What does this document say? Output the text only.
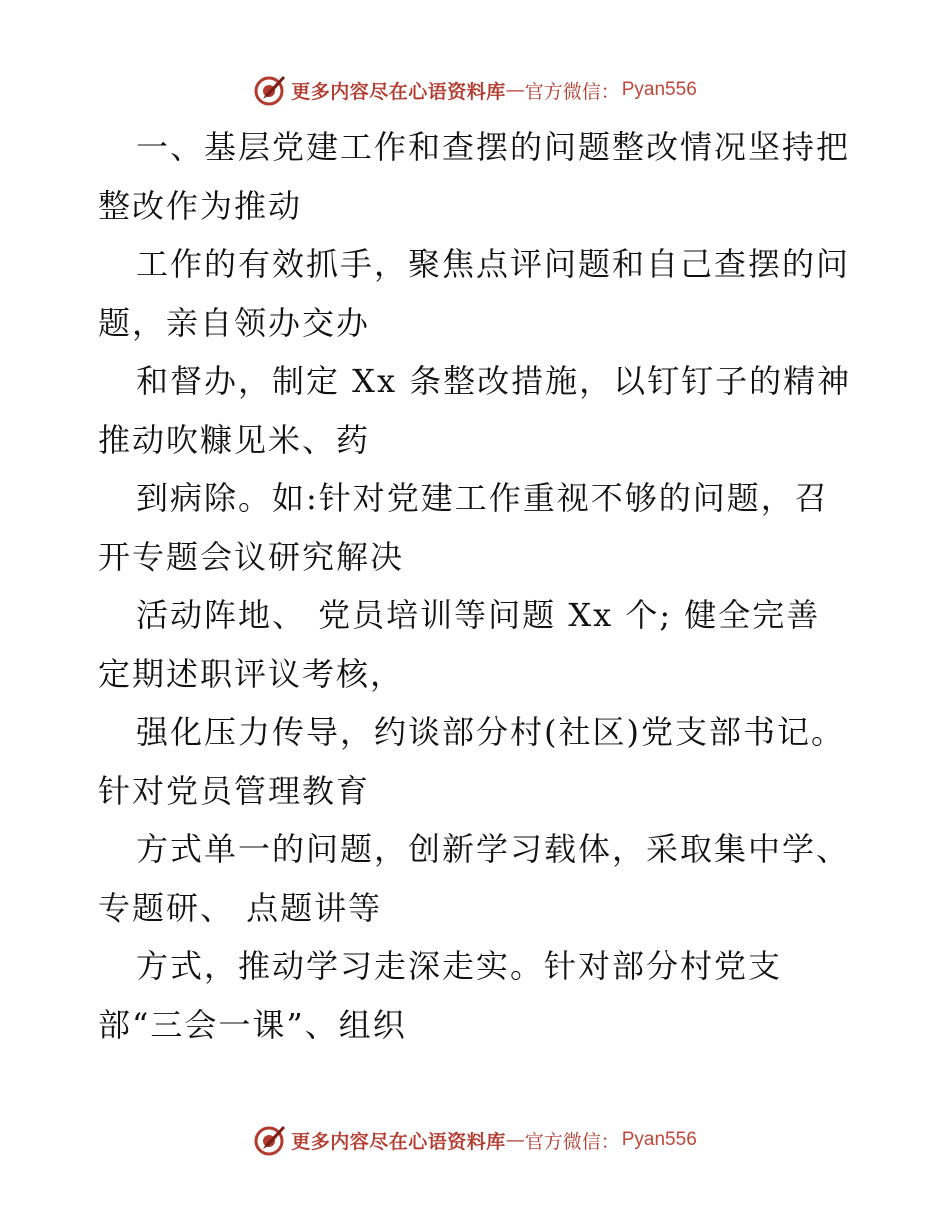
更多内容尽在心语资料库 — 官方微信： Pyan556
一、基层党建工作和查摆的问题整改情况坚持把
整改作为推动
工作的有效抓手，聚焦点评问题和自己查摆的问
题，亲自领办交办
和督办，制定 Xx 条整改措施，以钉钉子的精神
推动吹糠见米、药
到病除。如:针对党建工作重视不够的问题，召
开专题会议研究解决
活动阵地、 党员培训等问题 Xx 个; 健全完善
定期述职评议考核，
强化压力传导，约谈部分村(社区)党支部书记。
针对党员管理教育
方式单一的问题，创新学习载体，采取集中学、
专题研、 点题讲等
方式，推动学习走深走实。针对部分村党支
部“三会一课”、组织
更多内容尽在心语资料库 — 官方微信： Pyan556
